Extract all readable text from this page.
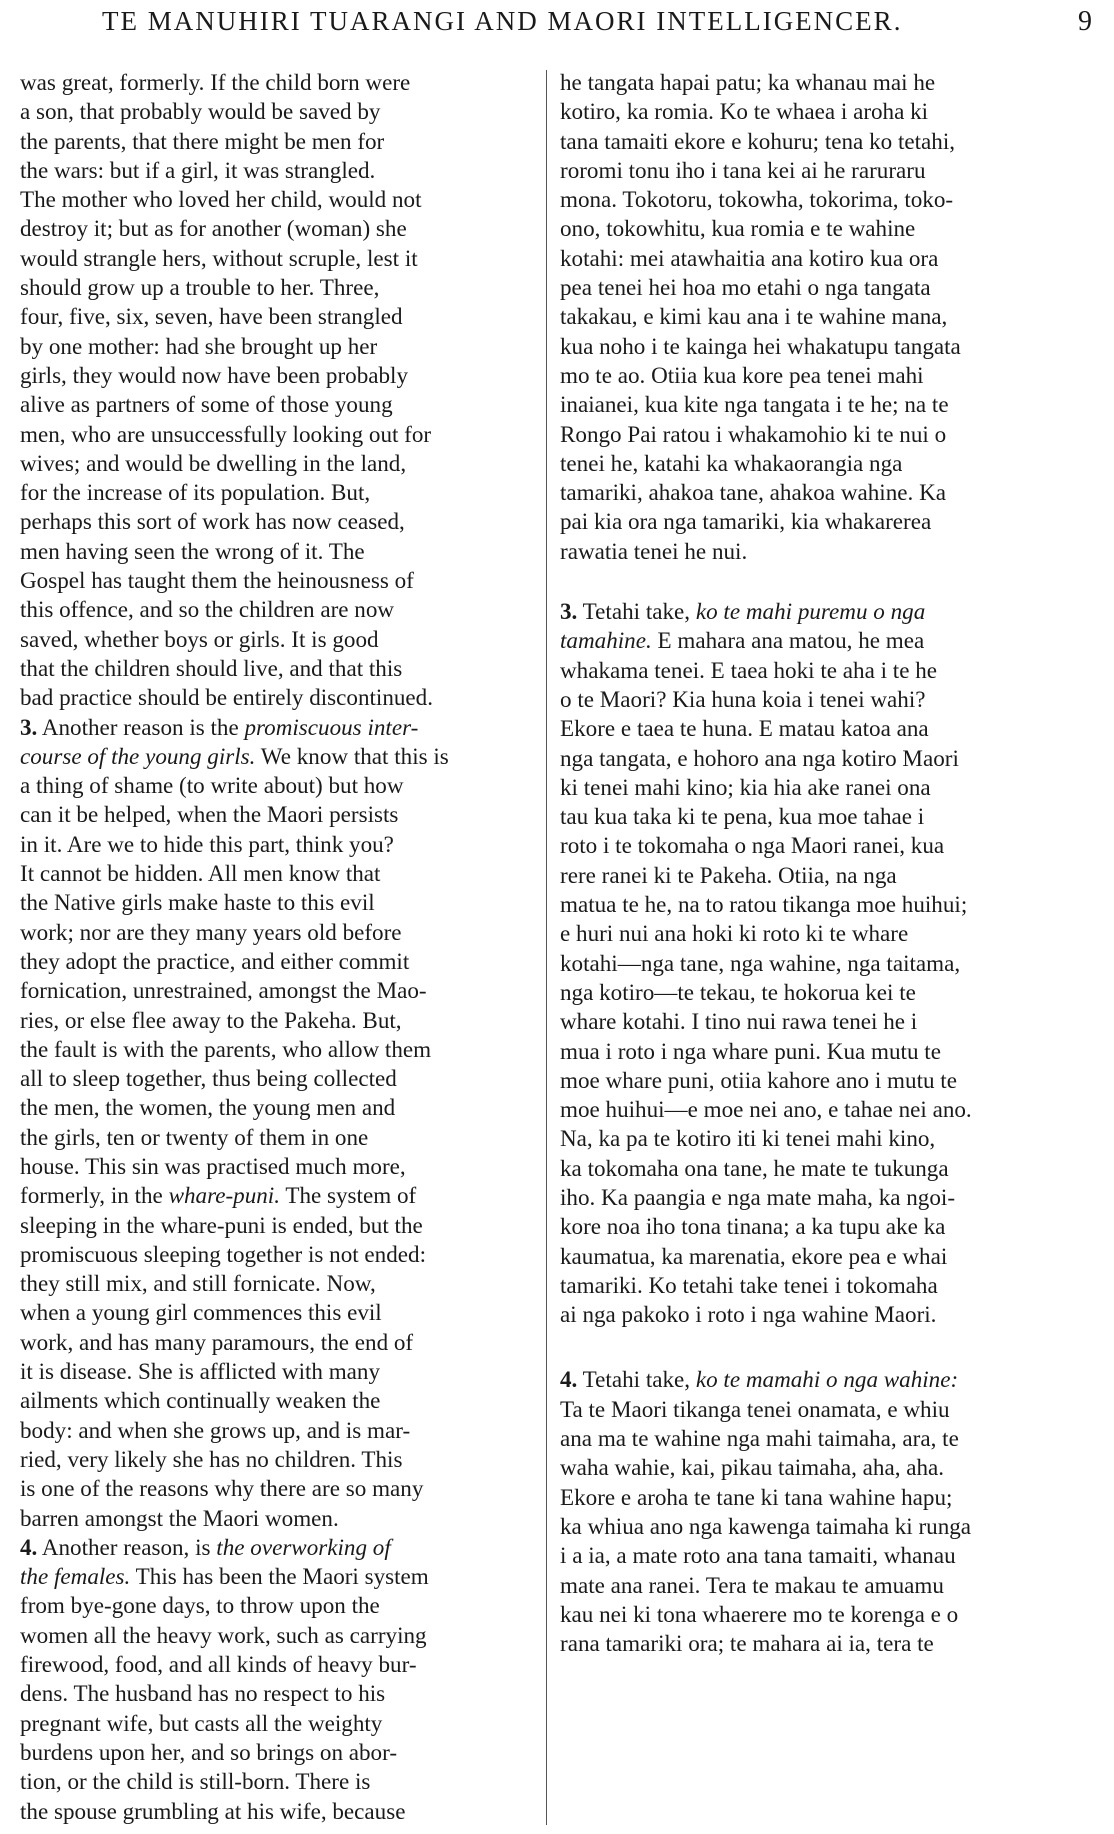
TE MANUHIRI TUARANGI AND MAORI INTELLIGENCER.	9

was great, formerly. If the child born were
a son, that probably would be saved by
the parents, that there might be men for
the wars: but if a girl, it was strangled.
The mother who loved her child, would not
destroy it; but as for another (woman) she
would strangle hers, without scruple, lest it
should grow up a trouble to her. Three,
four, five, six, seven, have been strangled
by one mother: had she brought up her
girls, they would now have been probably
alive as partners of some of those young
men, who are unsuccessfully looking out for
wives; and would be dwelling in the land,
for the increase of its population. But,
perhaps this sort of work has now ceased,
men having seen the wrong of it. The
Gospel has taught them the heinousness of
this offence, and so the children are now
saved, whether boys or girls. It is good
that the children should live, and that this
bad practice should be entirely discontinued.

3. Another reason is the promiscuous inter-
course of the young girls. We know that this is
a thing of shame (to write about) but how
can it be helped, when the Maori persists
in it. Are we to hide this part, think you?
It cannot be hidden. All men know that
the Native girls make haste to this evil
work; nor are they many years old before
they adopt the practice, and either commit
fornication, unrestrained, amongst the Mao-
ries, or else flee away to the Pakeha. But,
the fault is with the parents, who allow them
all to sleep together, thus being collected
the men, the women, the young men and
the girls, ten or twenty of them in one
house. This sin was practised much more,
formerly, in the whare-puni. The system of
sleeping in the whare-puni is ended, but the
promiscuous sleeping together is not ended:
they still mix, and still fornicate. Now,
when a young girl commences this evil
work, and has many paramours, the end of
it is disease. She is afflicted with many
ailments which continually weaken the
body: and when she grows up, and is mar-
ried, very likely she has no children. This
is one of the reasons why there are so many
barren amongst the Maori women.

4. Another reason, is the overworking of
the females. This has been the Maori system
from bye-gone days, to throw upon the
women all the heavy work, such as carrying
firewood, food, and all kinds of heavy bur-
dens. The husband has no respect to his
pregnant wife, but casts all the weighty
burdens upon her, and so brings on abor-
tion, or the child is still-born. There is
the spouse grumbling at his wife, because

he tangata hapai patu; ka whanau mai he
kotiro, ka romia. Ko te whaea i aroha ki
tana tamaiti ekore e kohuru; tena ko tetahi,
roromi tonu iho i tana kei ai he raruraru
mona. Tokotoru, tokowha, tokorima, toko-
ono, tokowhitu, kua romia e te wahine
kotahi: mei atawhaitia ana kotiro kua ora
pea tenei hei hoa mo etahi o nga tangata
takakau, e kimi kau ana i te wahine mana,
kua noho i te kainga hei whakatupu tangata
mo te ao. Otiia kua kore pea tenei mahi
inaianei, kua kite nga tangata i te he; na te
Rongo Pai ratou i whakamohio ki te nui o
tenei he, katahi ka whakaorangia nga
tamariki, ahakoa tane, ahakoa wahine. Ka
pai kia ora nga tamariki, kia whakarerea
rawatia tenei he nui.

3. Tetahi take, ko te mahi puremu o nga
tamahine. E mahara ana matou, he mea
whakama tenei. E taea hoki te aha i te he
o te Maori? Kia huna koia i tenei wahi?
Ekore e taea te huna. E matau katoa ana
nga tangata, e hohoro ana nga kotiro Maori
ki tenei mahi kino; kia hia ake ranei ona
tau kua taka ki te pena, kua moe tahae i
roto i te tokomaha o nga Maori ranei, kua
rere ranei ki te Pakeha. Otiia, na nga
matua te he, na to ratou tikanga moe huihui;
e huri nui ana hoki ki roto ki te whare
kotahi—nga tane, nga wahine, nga taitama,
nga kotiro—te tekau, te hokorua kei te
whare kotahi. I tino nui rawa tenei he i
mua i roto i nga whare puni. Kua mutu te
moe whare puni, otiia kahore ano i mutu te
moe huihui—e moe nei ano, e tahae nei ano.
Na, ka pa te kotiro iti ki tenei mahi kino,
ka tokomaha ona tane, he mate te tukunga
iho. Ka paangia e nga mate maha, ka ngoi-
kore noa iho tona tinana; a ka tupu ake ka
kaumatua, ka marenatia, ekore pea e whai
tamariki. Ko tetahi take tenei i tokomaha
ai nga pakoko i roto i nga wahine Maori.

4. Tetahi take, ko te mamahi o nga wahine:
Ta te Maori tikanga tenei onamata, e whiu
ana ma te wahine nga mahi taimaha, ara, te
waha wahie, kai, pikau taimaha, aha, aha.
Ekore e aroha te tane ki tana wahine hapu;
ka whiua ano nga kawenga taimaha ki runga
i a ia, a mate roto ana tana tamaiti, whanau
mate ana ranei. Tera te makau te amuamu
kau nei ki tona whaerere mo te korenga e o
rana tamariki ora; te mahara ai ia, tera te
